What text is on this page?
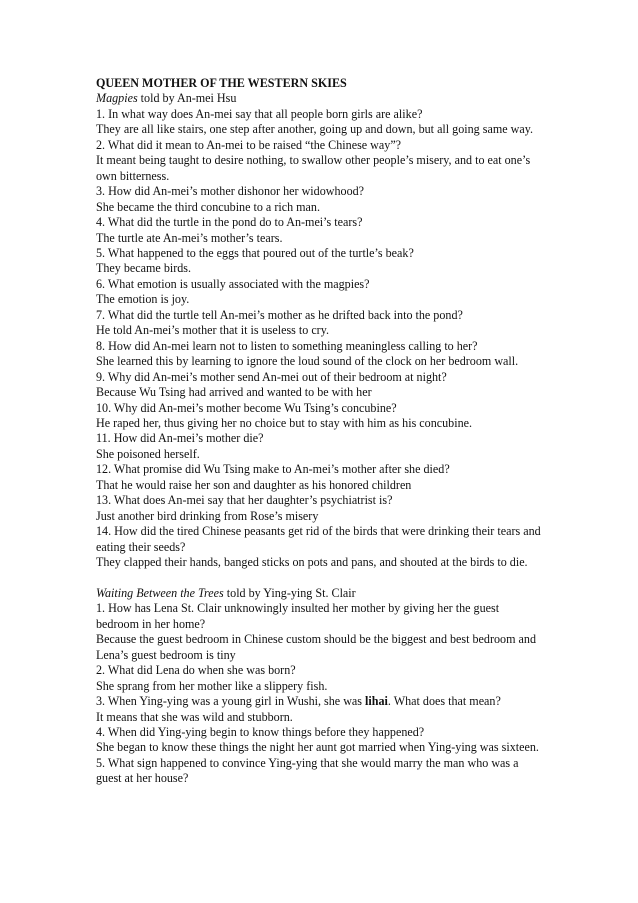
QUEEN MOTHER OF THE WESTERN SKIES
Magpies told by An-mei Hsu
1. In what way does An-mei say that all people born girls are alike?
They are all like stairs, one step after another, going up and down, but all going same way.
2. What did it mean to An-mei to be raised “the Chinese way”?
It meant being taught to desire nothing, to swallow other people’s misery, and to eat one’s own bitterness.
3. How did An-mei’s mother dishonor her widowhood?
She became the third concubine to a rich man.
4. What did the turtle in the pond do to An-mei’s tears?
The turtle ate An-mei’s mother’s tears.
5. What happened to the eggs that poured out of the turtle’s beak?
They became birds.
6. What emotion is usually associated with the magpies?
The emotion is joy.
7. What did the turtle tell An-mei’s mother as he drifted back into the pond?
He told An-mei’s mother that it is useless to cry.
8. How did An-mei learn not to listen to something meaningless calling to her?
She learned this by learning to ignore the loud sound of the clock on her bedroom wall.
9. Why did An-mei’s mother send An-mei out of their bedroom at night?
Because Wu Tsing had arrived and wanted to be with her
10. Why did An-mei’s mother become Wu Tsing’s concubine?
He raped her, thus giving her no choice but to stay with him as his concubine.
11. How did An-mei’s mother die?
She poisoned herself.
12. What promise did Wu Tsing make to An-mei’s mother after she died?
That he would raise her son and daughter as his honored children
13. What does An-mei say that her daughter’s psychiatrist is?
Just another bird drinking from Rose’s misery
14. How did the tired Chinese peasants get rid of the birds that were drinking their tears and eating their seeds?
They clapped their hands, banged sticks on pots and pans, and shouted at the birds to die.
Waiting Between the Trees told by Ying-ying St. Clair
1. How has Lena St. Clair unknowingly insulted her mother by giving her the guest bedroom in her home?
Because the guest bedroom in Chinese custom should be the biggest and best bedroom and Lena’s guest bedroom is tiny
2. What did Lena do when she was born?
She sprang from her mother like a slippery fish.
3. When Ying-ying was a young girl in Wushi, she was lihai. What does that mean?
It means that she was wild and stubborn.
4. When did Ying-ying begin to know things before they happened?
She began to know these things the night her aunt got married when Ying-ying was sixteen.
5. What sign happened to convince Ying-ying that she would marry the man who was a guest at her house?
